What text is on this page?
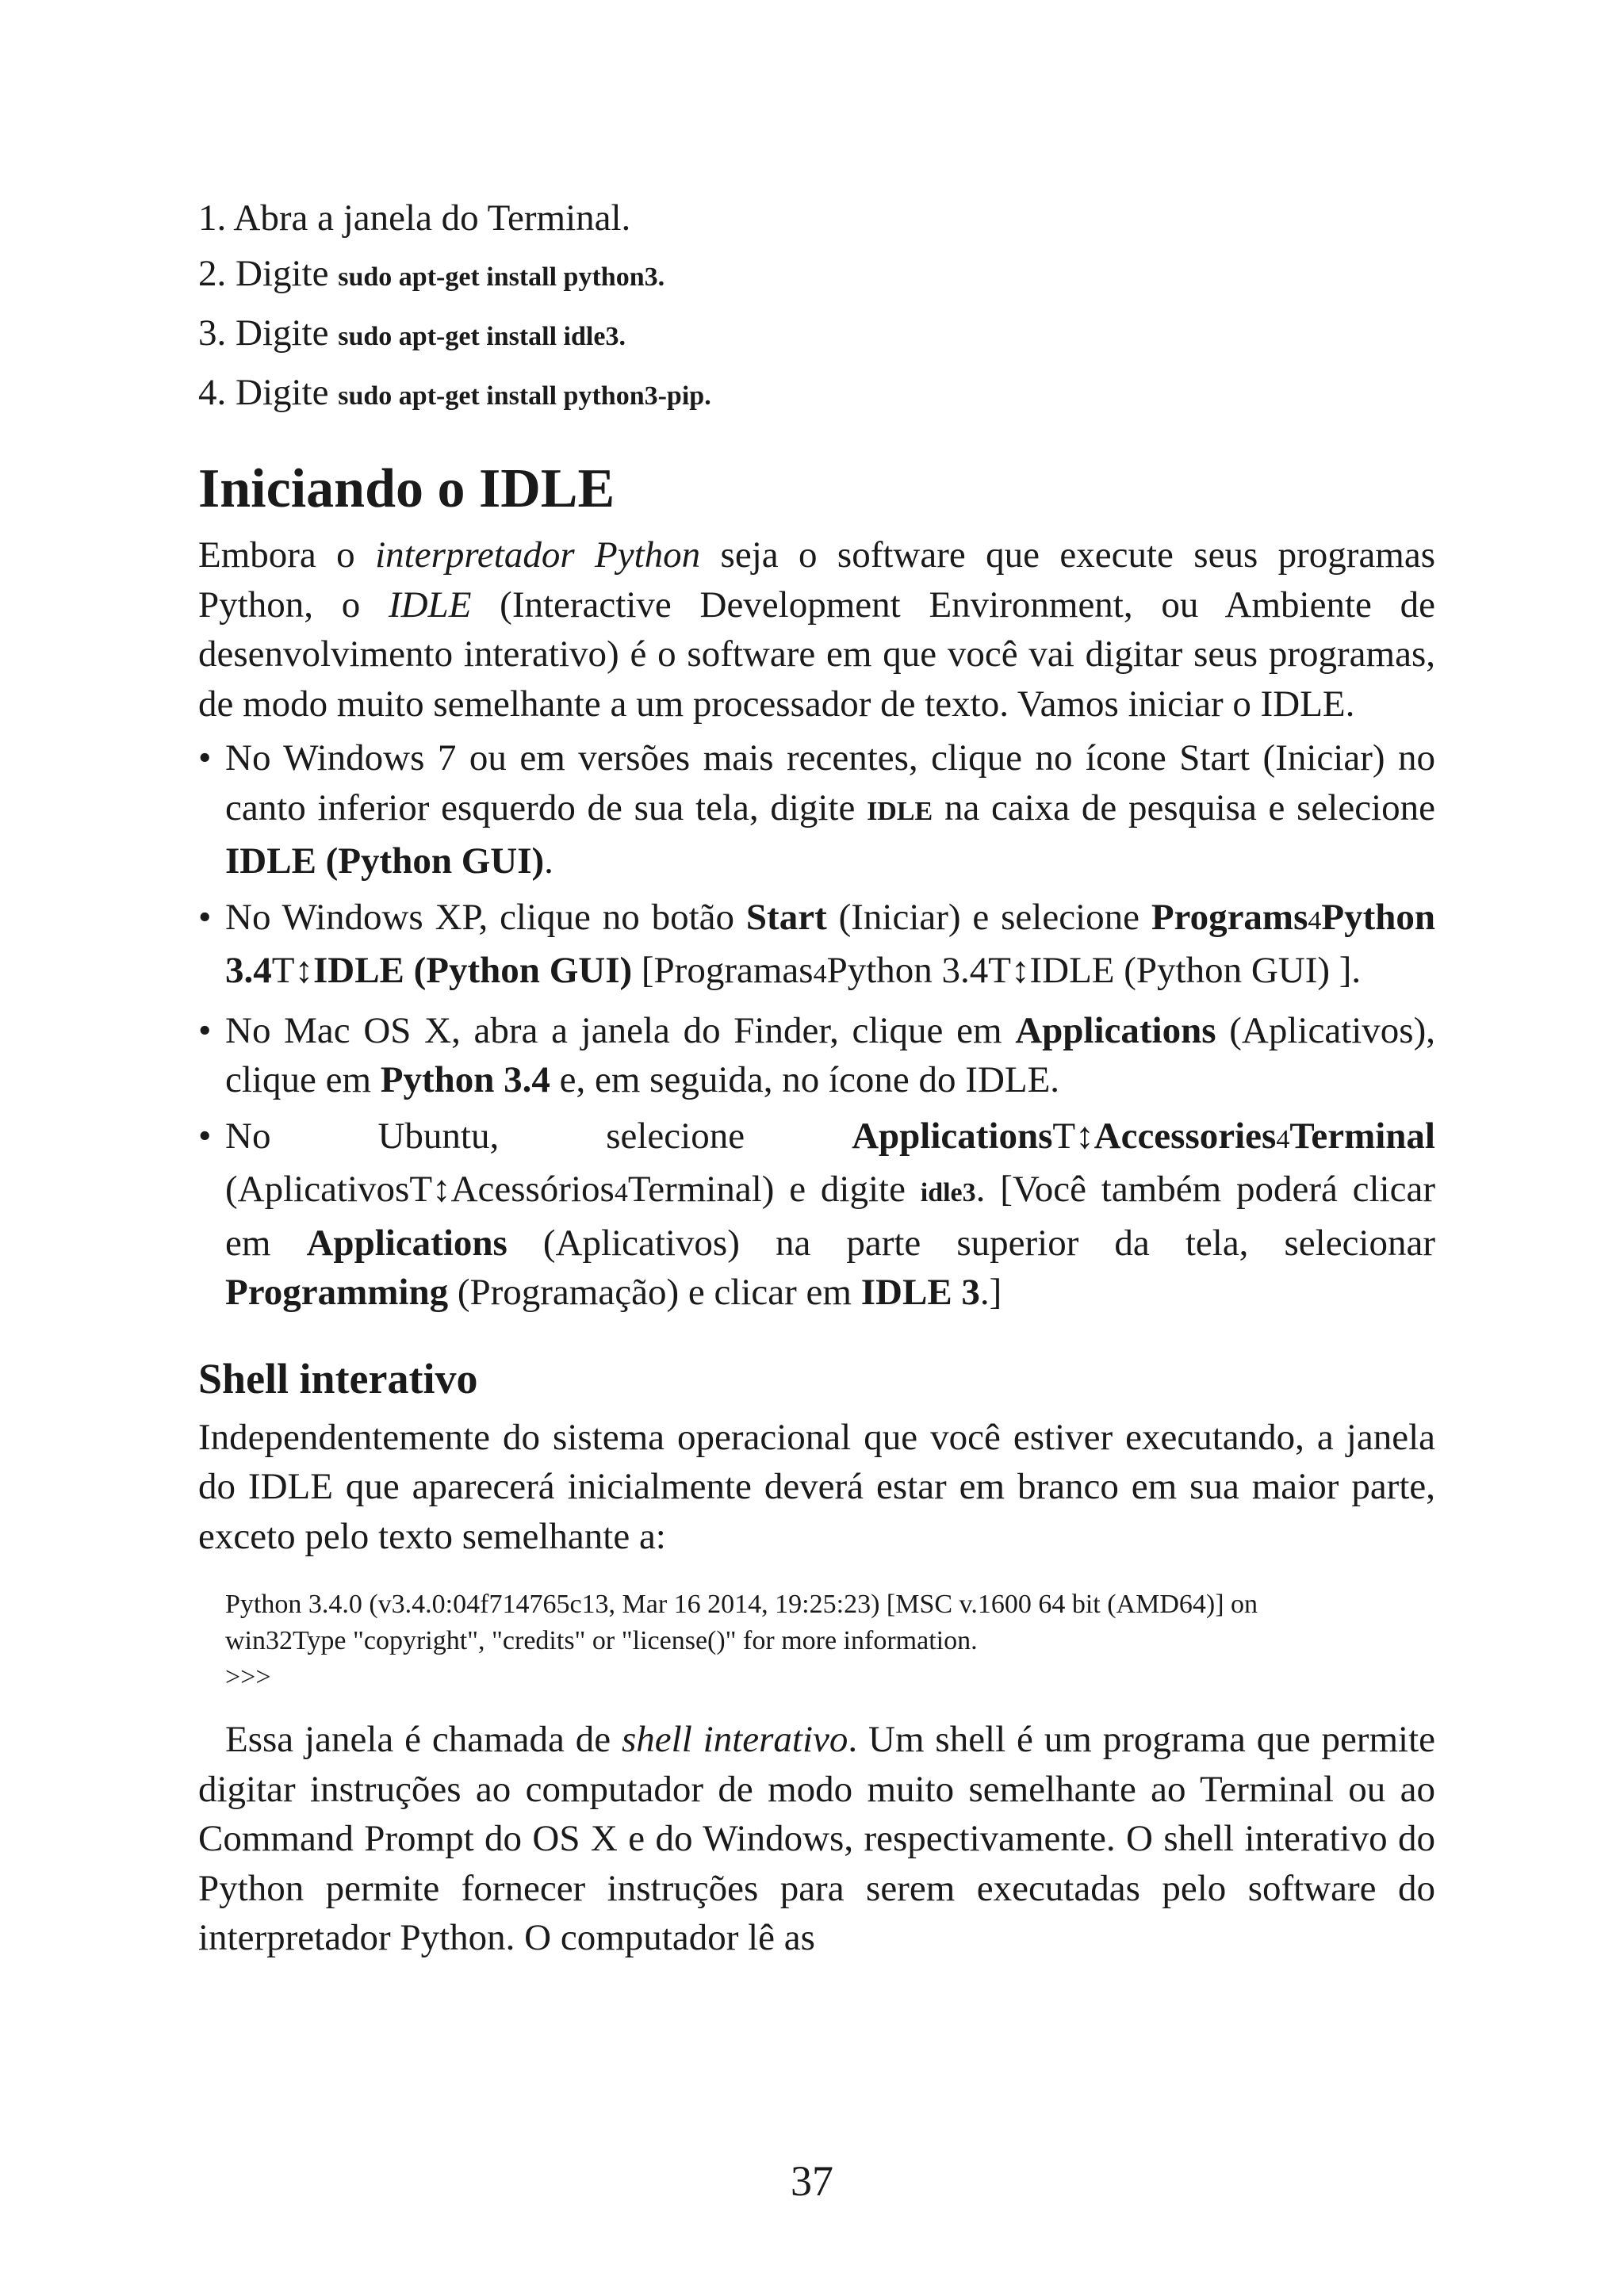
1. Abra a janela do Terminal.
2. Digite sudo apt-get install python3.
3. Digite sudo apt-get install idle3.
4. Digite sudo apt-get install python3-pip.
Iniciando o IDLE

Embora o interpretador Python seja o software que execute seus programas Python, o IDLE (Interactive Development Environment, ou Ambiente de desenvolvimento interativo) é o software em que você vai digitar seus programas, de modo muito semelhante a um processador de texto. Vamos iniciar o IDLE.

• No Windows 7 ou em versões mais recentes, clique no ícone Start (Iniciar) no canto inferior esquerdo de sua tela, digite IDLE na caixa de pesquisa e selecione IDLE (Python GUI).
• No Windows XP, clique no botão Start (Iniciar) e selecione Programs4Python 3.4T↕IDLE (Python GUI) [Programas4Python 3.4T↕IDLE (Python GUI) ].
• No Mac OS X, abra a janela do Finder, clique em Applications (Aplicativos), clique em Python 3.4 e, em seguida, no ícone do IDLE.
• No Ubuntu, selecione ApplicationsT↕Accessories4Terminal (AplicativosT↕Acessórios4Terminal) e digite idle3. [Você também poderá clicar em Applications (Aplicativos) na parte superior da tela, selecionar Programming (Programação) e clicar em IDLE 3.]
Shell interativo

Independentemente do sistema operacional que você estiver executando, a janela do IDLE que aparecerá inicialmente deverá estar em branco em sua maior parte, exceto pelo texto semelhante a:

Python 3.4.0 (v3.4.0:04f714765c13, Mar 16 2014, 19:25:23) [MSC v.1600 64 bit (AMD64)] on
win32Type "copyright", "credits" or "license()" for more information.
>>>

Essa janela é chamada de shell interativo. Um shell é um programa que permite digitar instruções ao computador de modo muito semelhante ao Terminal ou ao Command Prompt do OS X e do Windows, respectivamente. O shell interativo do Python permite fornecer instruções para serem executadas pelo software do interpretador Python. O computador lê as

37
